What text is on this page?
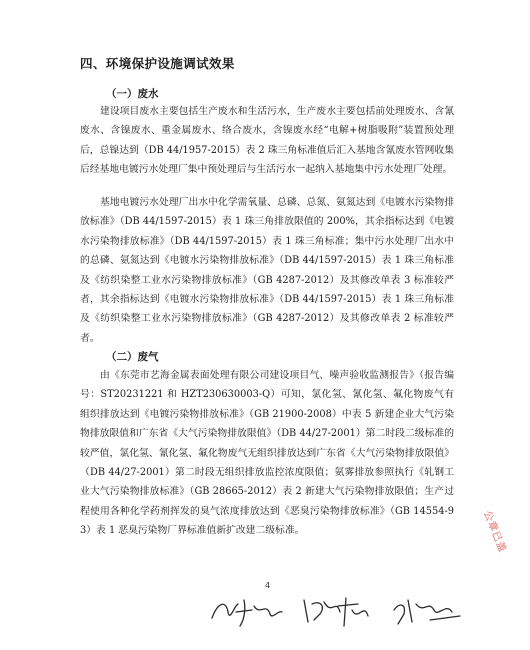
四、环境保护设施调试效果
（一）废水

建设项目废水主要包括生产废水和生活污水，生产废水主要包括前处理废水、含氰废水、含镍废水、重金属废水、络合废水，含镍废水经“电解+树脂吸附”装置预处理后，总镍达到（DB 44/1957-2015）表 2 珠三角标准值后汇入基地含氰废水管网收集后经基地电镀污水处理厂集中预处理后与生活污水一起纳入基地集中污水处理厂处理。

基地电镀污水处理厂出水中化学需氧量、总磷、总氮、氨氮达到《电镀水污染物排放标准》（DB 44/1597-2015）表 1 珠三角排放限值的 200%，其余指标达到《电镀水污染物排放标准》（DB 44/1597-2015）表 1 珠三角标准；集中污水处理厂出水中的总磷、氨氮达到《电镀水污染物排放标准》（DB 44/1597-2015）表 1 珠三角标准及《纺织染整工业水污染物排放标准》（GB 4287-2012）及其修改单表 3 标准较严者，其余指标达到《电镀水污染物排放标准》（DB 44/1597-2015）表 1 珠三角标准及《纺织染整工业水污染物排放标准》（GB 4287-2012）及其修改单表 2 标准较严者。

（二）废气

由《东莞市艺海金属表面处理有限公司建设项目气、噪声验收监测报告》（报告编号：ST20231221 和 HZT230630003-Q）可知，氯化氢、氰化氢、氟化物废气有组织排放达到《电镀污染物排放标准》（GB 21900-2008）中表 5 新建企业大气污染物排放限值和广东省《大气污染物排放限值》（DB 44/27-2001）第二时段二级标准的较严值，氯化氢、氰化氢、氟化物废气无组织排放达到广东省《大气污染物排放限值》（DB 44/27-2001）第二时段无组织排放监控浓度限值；氨雾排放参照执行《轧钢工业大气污染物排放标准》（GB 28665-2012）表 2 新建大气污染物排放限值；生产过程使用各种化学药剂挥发的臭气浓度排放达到《恶臭污染物排放标准》（GB 14554-93）表 1 恶臭污染物厂界标准值新扩改建二级标准。

4
公章已盖
